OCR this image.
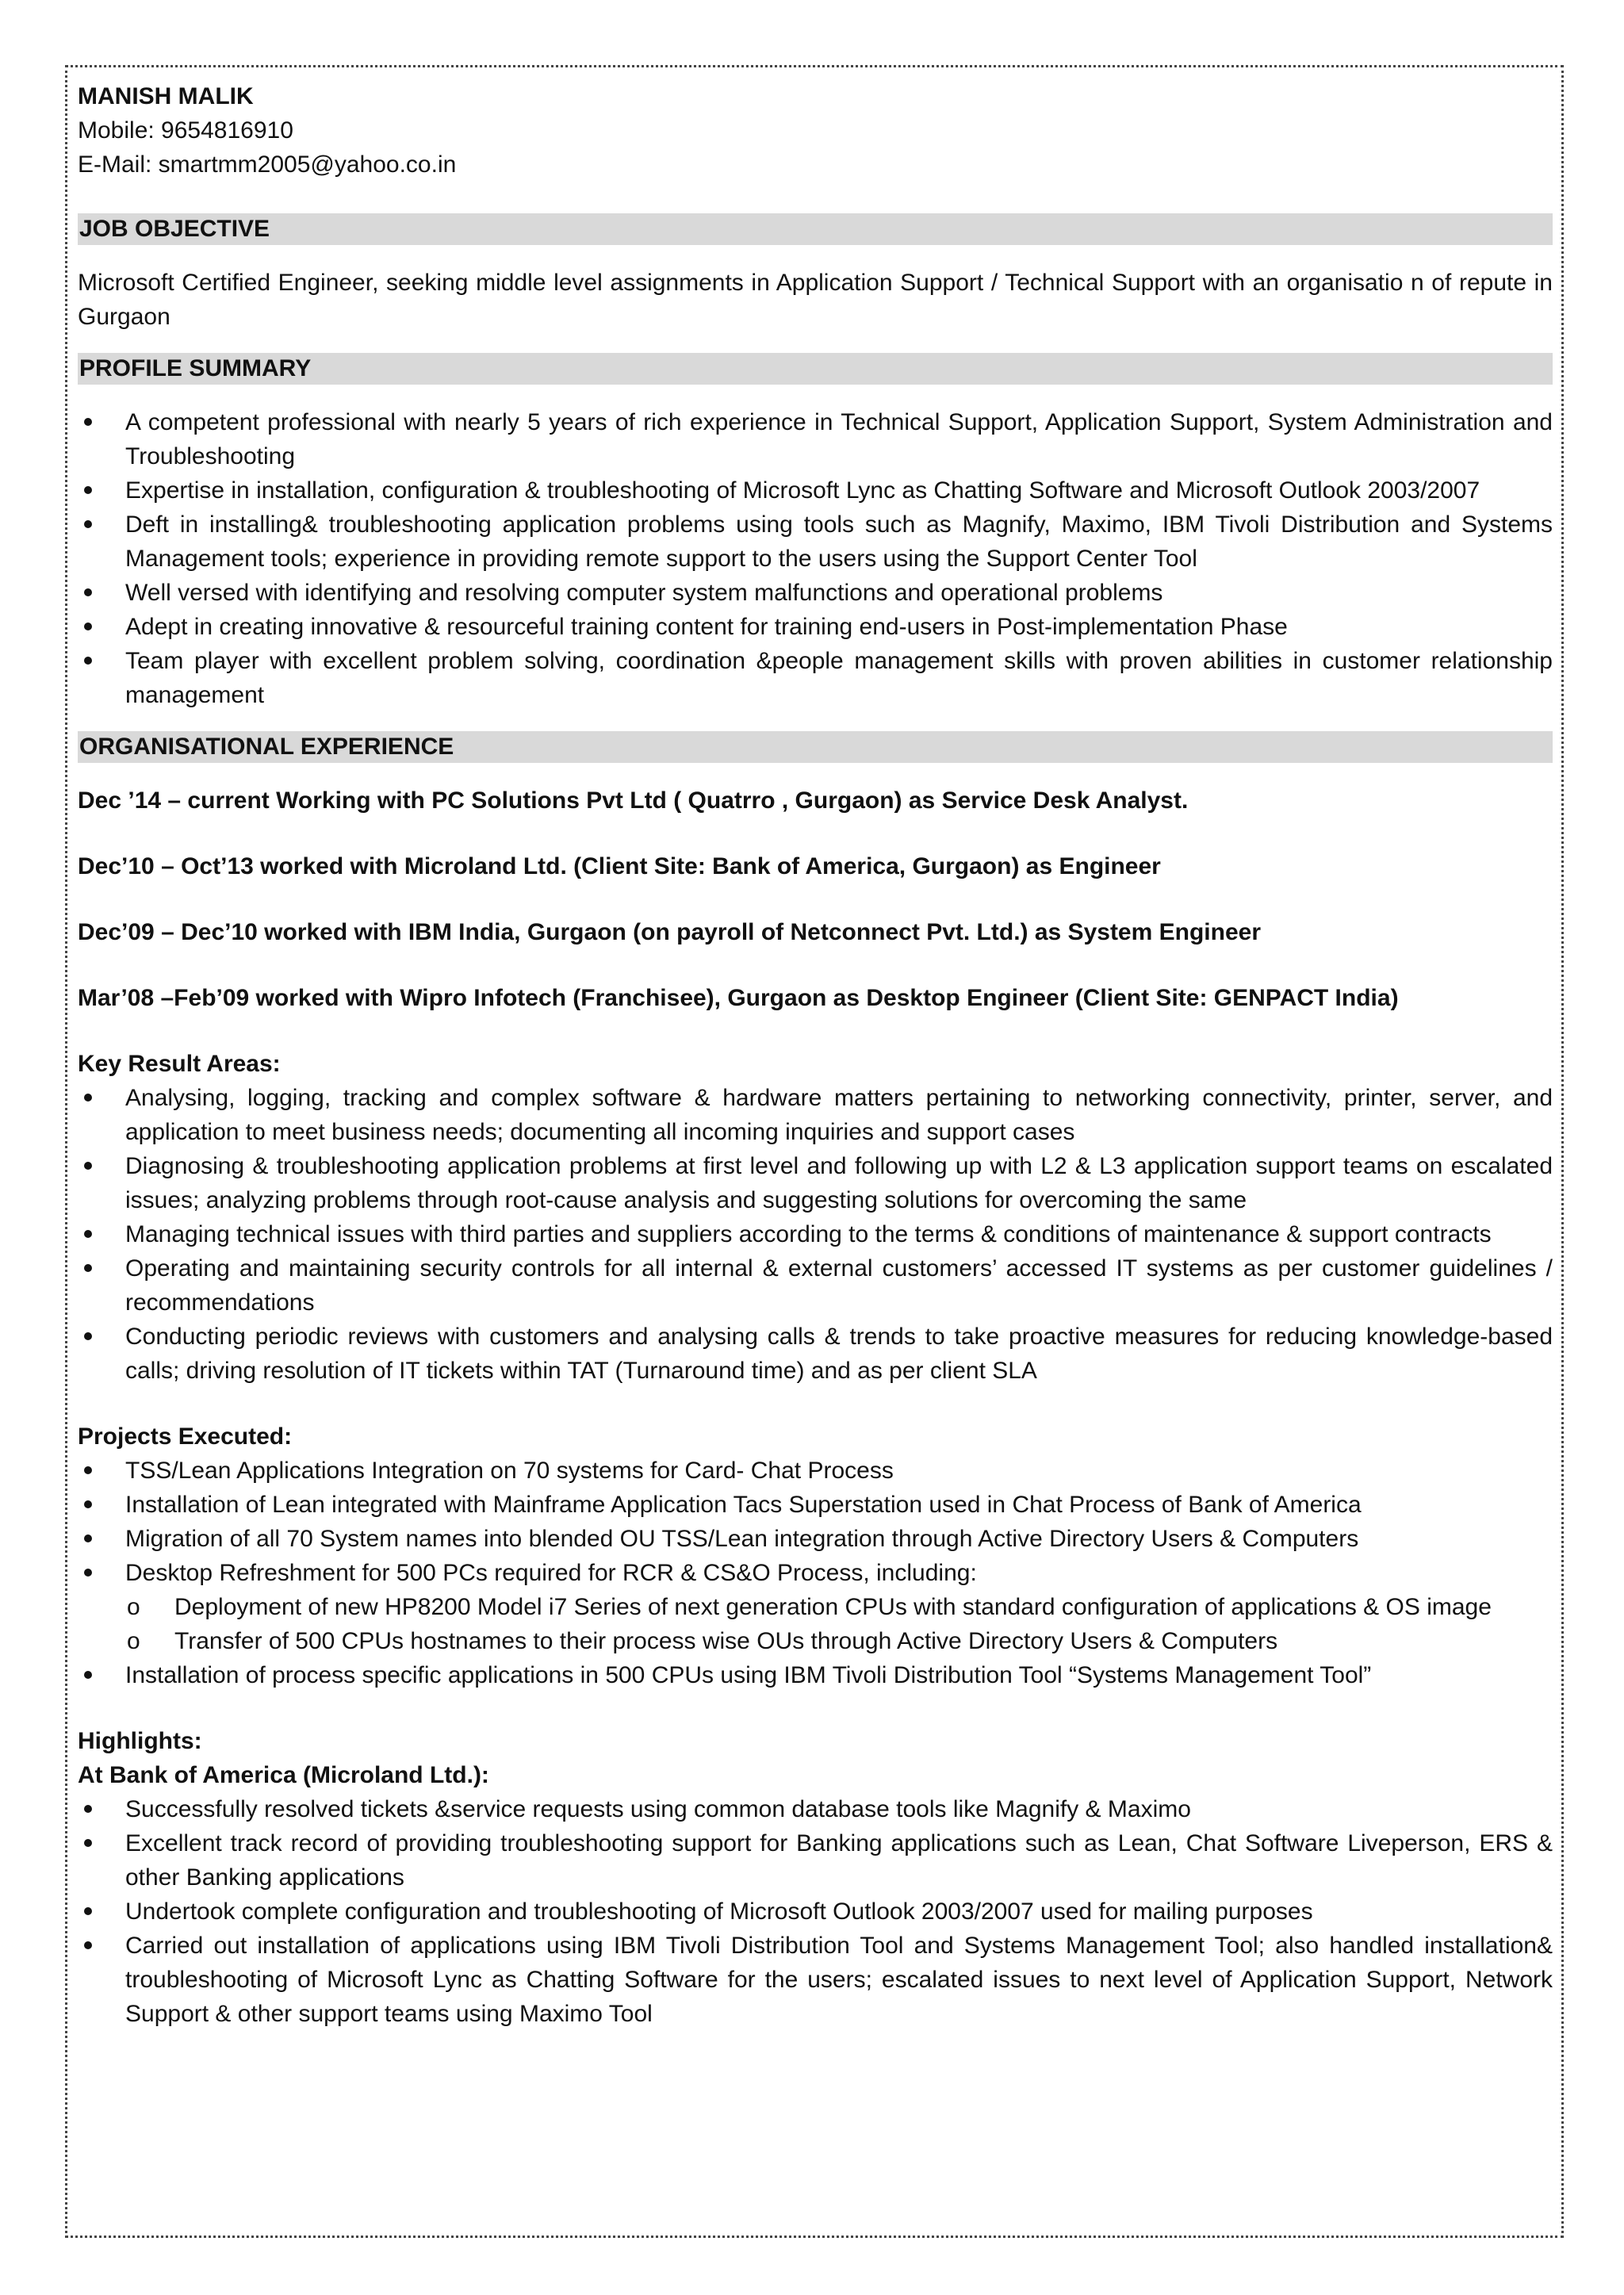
MANISH MALIK
Mobile: 9654816910
E-Mail: smartmm2005@yahoo.co.in
JOB OBJECTIVE
Microsoft Certified Engineer, seeking middle level assignments in Application Support / Technical Support with an organisatio n of repute in Gurgaon
PROFILE SUMMARY
A competent professional with nearly 5 years of rich experience in Technical Support, Application Support, System Administration and Troubleshooting
Expertise in installation, configuration & troubleshooting of Microsoft Lync as Chatting Software and Microsoft Outlook 2003/2007
Deft in installing& troubleshooting application problems using tools such as Magnify, Maximo, IBM Tivoli Distribution and Systems Management tools; experience in providing remote support to the users using the Support Center Tool
Well versed with identifying and resolving computer system malfunctions and operational problems
Adept in creating innovative & resourceful training content for training end-users in Post-implementation Phase
Team player with excellent problem solving, coordination &people management skills with proven abilities in customer relationship management
ORGANISATIONAL EXPERIENCE
Dec ’14 – current Working with PC Solutions Pvt Ltd ( Quatrro , Gurgaon) as Service Desk Analyst.
Dec’10 – Oct’13 worked with Microland Ltd. (Client Site: Bank of America, Gurgaon) as Engineer
Dec’09 – Dec’10 worked with IBM India, Gurgaon (on payroll of Netconnect Pvt. Ltd.) as System Engineer
Mar’08 –Feb’09 worked with Wipro Infotech (Franchisee), Gurgaon as Desktop Engineer (Client Site: GENPACT India)
Key Result Areas:
Analysing, logging, tracking and complex software & hardware matters pertaining to networking connectivity, printer, server, and application to meet business needs; documenting all incoming inquiries and support cases
Diagnosing & troubleshooting application problems at first level and following up with L2 & L3 application support teams on escalated issues; analyzing problems through root-cause analysis and suggesting solutions for overcoming the same
Managing technical issues with third parties and suppliers according to the terms & conditions of maintenance & support contracts
Operating and maintaining security controls for all internal & external customers’ accessed IT systems as per customer guidelines / recommendations
Conducting periodic reviews with customers and analysing calls & trends to take proactive measures for reducing knowledge-based calls; driving resolution of IT tickets within TAT (Turnaround time) and as per client SLA
Projects Executed:
TSS/Lean Applications Integration on 70 systems for Card- Chat Process
Installation of Lean integrated with Mainframe Application Tacs Superstation used in Chat Process of Bank of America
Migration of all 70 System names into blended OU TSS/Lean integration through Active Directory Users & Computers
Desktop Refreshment for 500 PCs required for RCR & CS&O Process, including:
o Deployment of new HP8200 Model i7 Series of next generation CPUs with standard configuration of applications & OS image
o Transfer of 500 CPUs hostnames to their process wise OUs through Active Directory Users & Computers
Installation of process specific applications in 500 CPUs using IBM Tivoli Distribution Tool “Systems Management Tool”
Highlights:
At Bank of America (Microland Ltd.):
Successfully resolved tickets &service requests using common database tools like Magnify & Maximo
Excellent track record of providing troubleshooting support for Banking applications such as Lean, Chat Software Liveperson, ERS & other Banking applications
Undertook complete configuration and troubleshooting of Microsoft Outlook 2003/2007 used for mailing purposes
Carried out installation of applications using IBM Tivoli Distribution Tool and Systems Management Tool; also handled installation& troubleshooting of Microsoft Lync as Chatting Software for the users; escalated issues to next level of Application Support, Network Support & other support teams using Maximo Tool
